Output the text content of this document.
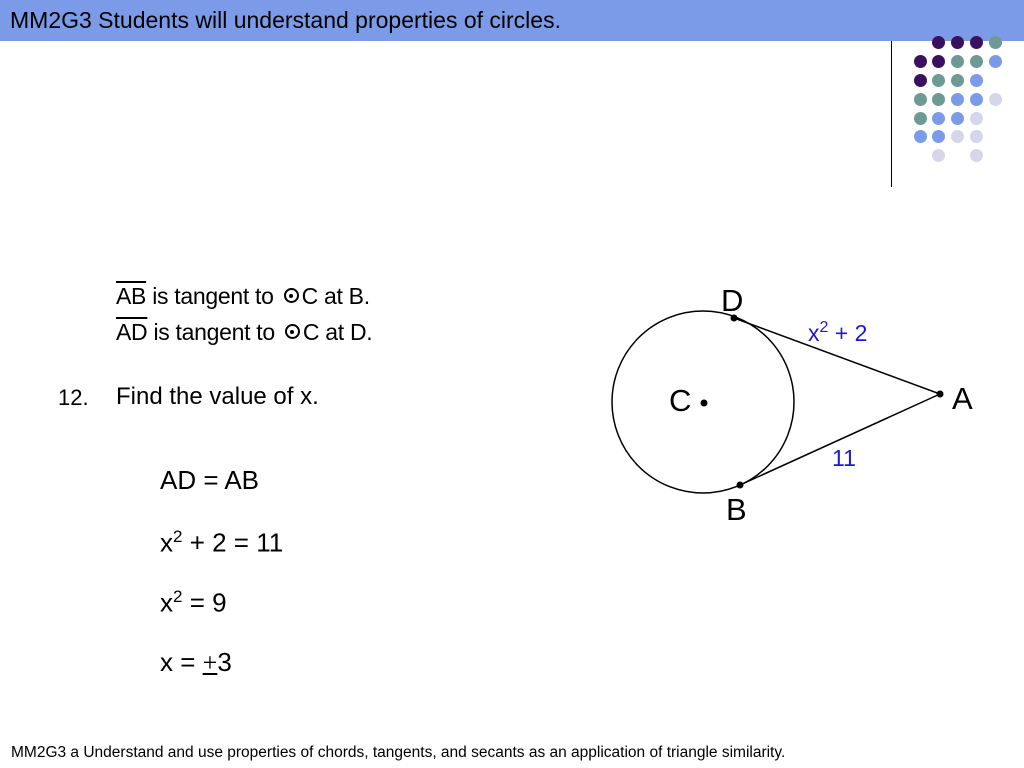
MM2G3 Students will understand properties of circles.
$\overline{AB}$ is tangent to C at B.
$\overline{AD}$ is tangent to C at D.
12. Find the value of x.
AD = AB
$x^2 + 2 = 11$
$x^2 = 9$
x = +3
D
C	A
B
$x^2 + 2$
11
MM2G3 a Understand and use properties of chords, tangents, and secants as an application of triangle similarity.
